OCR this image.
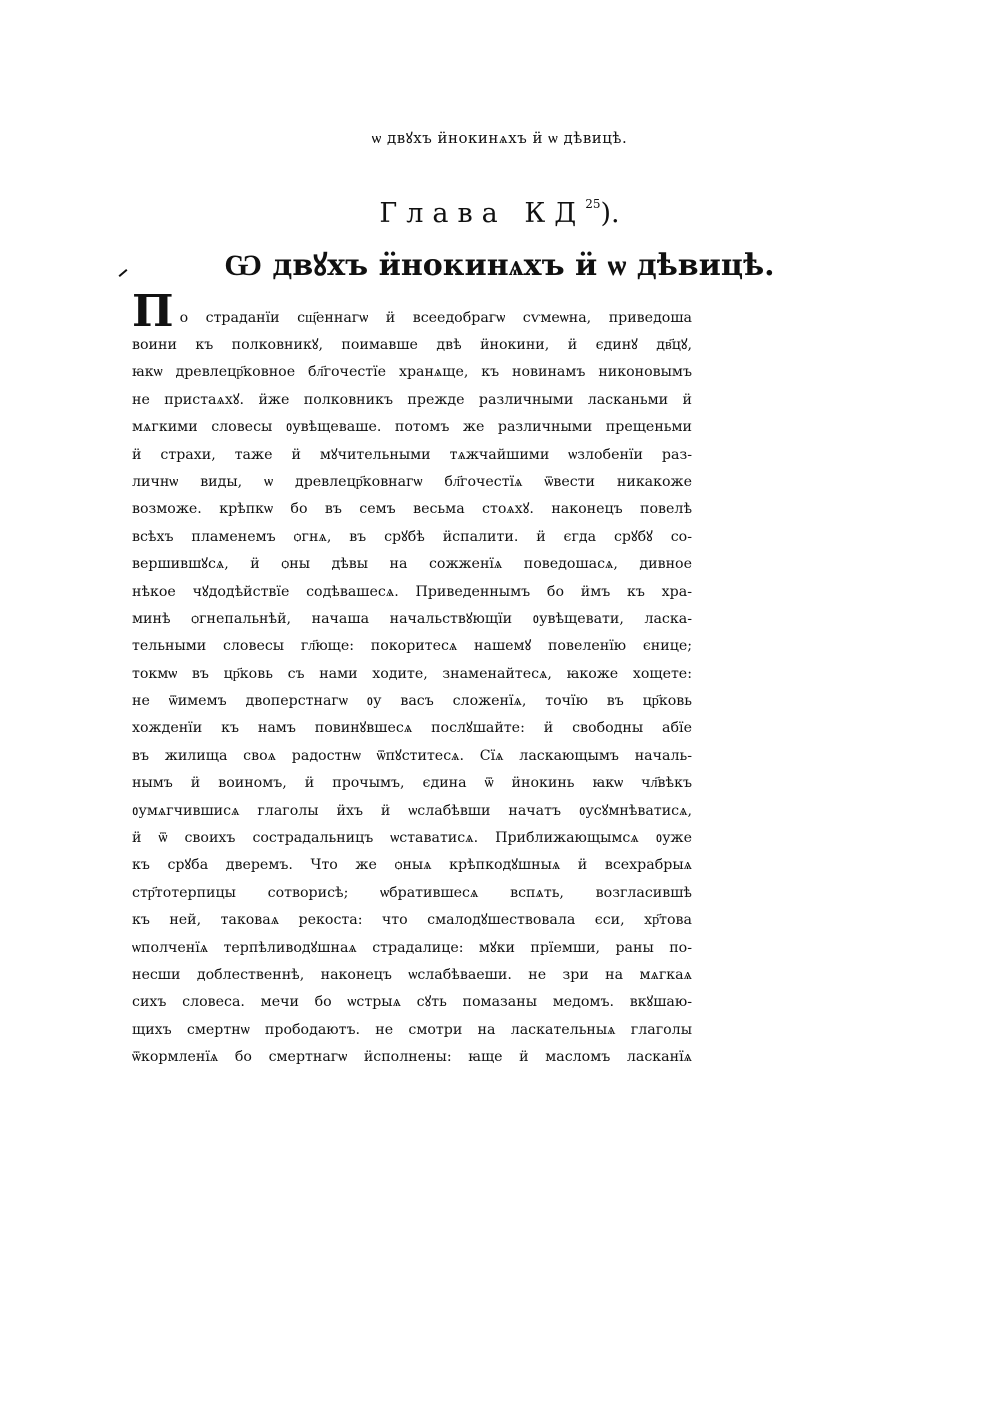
ѡ двꙋхъ ӥнокинѧхъ ӥ ѡ дѣвицѣ.
Глава КД$^{25}$).
Ѡ двꙋхъ ӥнокинѧхъ ӥ ѡ дѣвицѣ.
П о страданїи сщ҃еннагѡ ӥ всеедобрагѡ сѵмеѡна, приведоша
воини къ полковникꙋ, поимавше двѣ ӥнокини, ӥ єдинꙋ дв҃цꙋ,
ꙗкѡ древлецр҃ковное бл҃гочестїе хранѧще, къ новинамъ никоновымъ
не пристаѧхꙋ. ӥже полковникъ прежде различными ласканьми ӥ
мѧгкими словесы ᲂувѣщеваше. потомъ же различными прещеньми
ӥ страхи, таже ӥ мꙋчительными тѧжчайшими ѡзлобенїи раз-
личнѡ виды, ѡ древлецр҃ковнагѡ бл҃гочестїѧ ѿвести никакоже
возможе. крѣпкѡ бо въ семъ весьма стоѧхꙋ. наконецъ повелѣ
всѣхъ пламенемъ ѻгнѧ, въ срꙋбѣ ӥспалити. ӥ єгда срꙋбꙋ со-
вершившꙋсѧ, ӥ ѻны дѣвы на сожженїѧ поведошасѧ, дивное
нѣкое чꙋдодѣйствїе содѣвашесѧ. Приведеннымъ бо ӥмъ къ хра-
минѣ ѻгнепальнѣй, начаша начальствꙋющїи ᲂувѣщевати, ласка-
тельными словесы гл҃юще: покоритесѧ нашемꙋ повеленїю єнице;
токмѡ въ цр҃ковь съ нами ходите, знаменайтесѧ, ꙗкоже хощете:
не ѿимемъ двоперстнагѡ ᲂу васъ сложенїѧ, точїю въ цр҃ковь
хожденїи къ намъ повинꙋвшесѧ послꙋшайте: ӥ свободны абїе
въ жилища своѧ радостнѡ ѿпꙋститесѧ. Сїѧ ласкающымъ началь-
нымъ ӥ воиномъ, ӥ прочымъ, єдина ѿ ӥнокинь ꙗкѡ чл҃вѣкъ
ᲂумѧгчившисѧ глаголы ӥхъ ӥ ѡслабѣвши начатъ ᲂусꙋмнѣватисѧ,
ӥ ѿ своихъ сострадальницъ ѡставатисѧ. Приближающымсѧ ᲂуже
къ срꙋба дверемъ. Что же ѻныѧ крѣпкодꙋшныѧ ӥ всехрабрыѧ
стр҃тотерпицы сотворисѣ; ѡбратившесѧ вспѧть, возгласившѣ
къ ней, таковаѧ рекоста: что смалодꙋшествовала єси, хр҃това
ѡполченїѧ терпѣливодꙋшнаѧ страдалице: мꙋки прїемши, раны по-
несши доблественнѣ, наконецъ ѡслабѣваеши. не зри на мѧгкаѧ
сихъ словеса. мечи бо ѡстрыѧ сꙋть помазаны медомъ. вкꙋшаю-
щихъ смертнѡ прободаютъ. не смотри на ласкательныѧ глаголы
ѿкормленїѧ бо смертнагѡ ӥсполнены: ꙗще ӥ масломъ ласканїѧ
